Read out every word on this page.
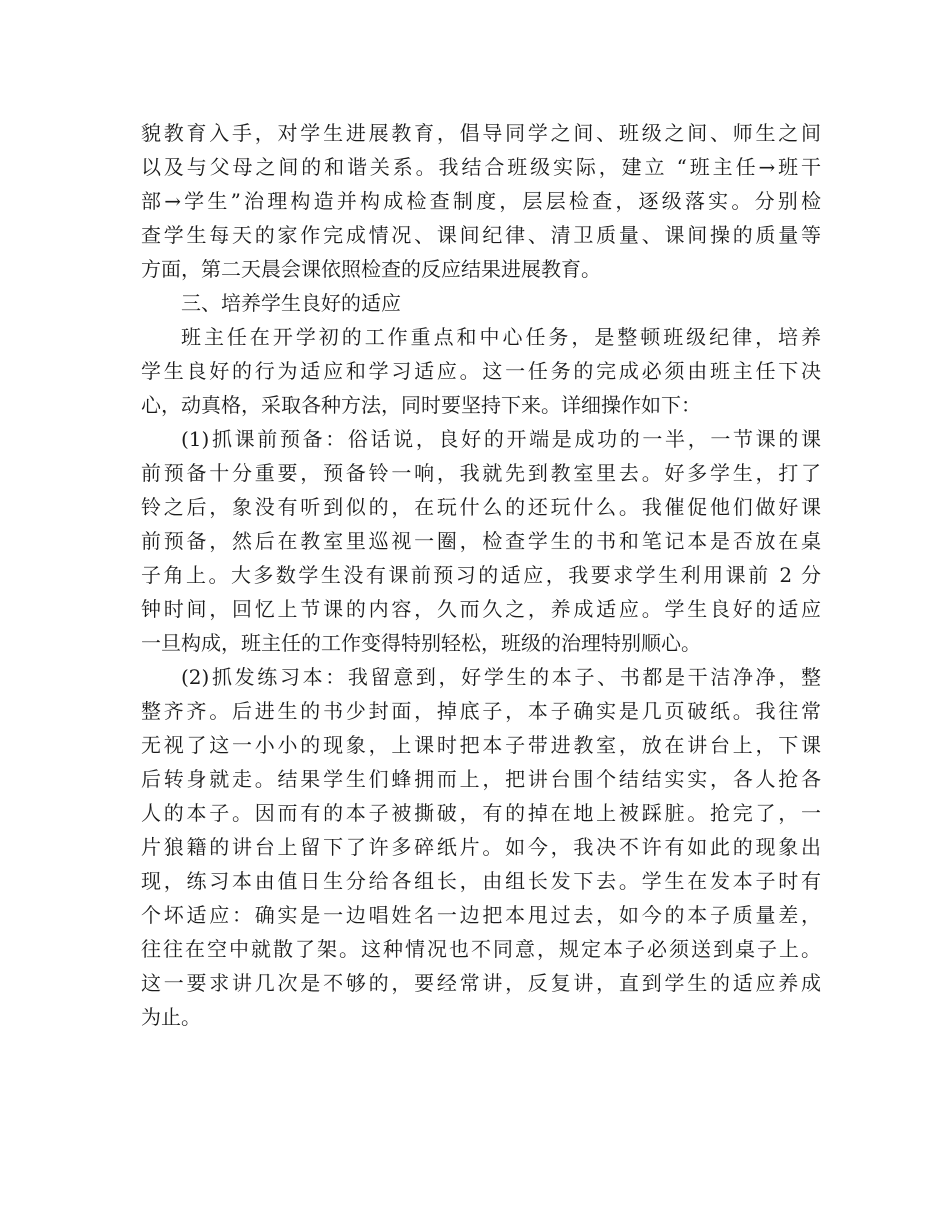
貌教育入手，对学生进展教育，倡导同学之间、班级之间、师生之间
以及与父母之间的和谐关系。我结合班级实际，建立 “班主任→班干
部→学生”治理构造并构成检查制度，层层检查，逐级落实。分别检
查学生每天的家作完成情况、课间纪律、清卫质量、课间操的质量等
方面，第二天晨会课依照检查的反应结果进展教育。
三、培养学生良好的适应
班主任在开学初的工作重点和中心任务，是整顿班级纪律，培养
学生良好的行为适应和学习适应。这一任务的完成必须由班主任下决
心，动真格，采取各种方法，同时要坚持下来。详细操作如下：
(1)抓课前预备：俗话说，良好的开端是成功的一半，一节课的课
前预备十分重要，预备铃一响，我就先到教室里去。好多学生，打了
铃之后，象没有听到似的，在玩什么的还玩什么。我催促他们做好课
前预备，然后在教室里巡视一圈，检查学生的书和笔记本是否放在桌
子角上。大多数学生没有课前预习的适应，我要求学生利用课前 2 分
钟时间，回忆上节课的内容，久而久之，养成适应。学生良好的适应
一旦构成，班主任的工作变得特别轻松，班级的治理特别顺心。
(2)抓发练习本：我留意到，好学生的本子、书都是干洁净净，整
整齐齐。后进生的书少封面，掉底子，本子确实是几页破纸。我往常
无视了这一小小的现象，上课时把本子带进教室，放在讲台上，下课
后转身就走。结果学生们蜂拥而上，把讲台围个结结实实，各人抢各
人的本子。因而有的本子被撕破，有的掉在地上被踩脏。抢完了，一
片狼籍的讲台上留下了许多碎纸片。如今，我决不许有如此的现象出
现，练习本由值日生分给各组长，由组长发下去。学生在发本子时有
个坏适应：确实是一边唱姓名一边把本甩过去，如今的本子质量差，
往往在空中就散了架。这种情况也不同意，规定本子必须送到桌子上。
这一要求讲几次是不够的，要经常讲，反复讲，直到学生的适应养成
为止。
